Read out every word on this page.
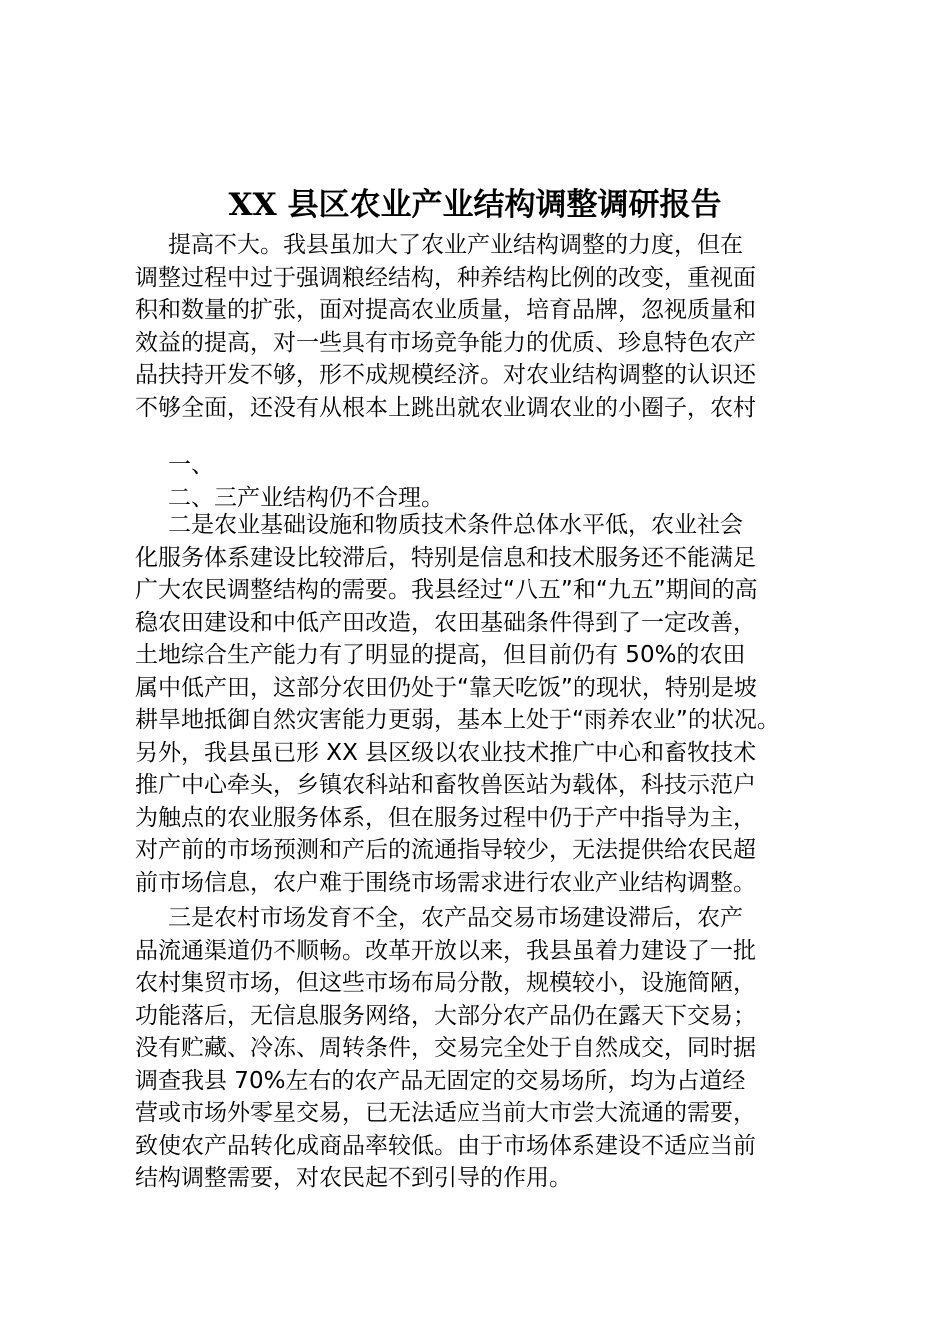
XX 县区农业产业结构调整调研报告
提高不大。我县虽加大了农业产业结构调整的力度，但在
调整过程中过于强调粮经结构，种养结构比例的改变，重视面
积和数量的扩张，面对提高农业质量，培育品牌，忽视质量和
效益的提高，对一些具有市场竞争能力的优质、珍息特色农产
品扶持开发不够，形不成规模经济。对农业结构调整的认识还
不够全面，还没有从根本上跳出就农业调农业的小圈子，农村
一、
二、三产业结构仍不合理。
二是农业基础设施和物质技术条件总体水平低，农业社会
化服务体系建设比较滞后，特别是信息和技术服务还不能满足
广大农民调整结构的需要。我县经过“八五”和“九五”期间的高
稳农田建设和中低产田改造，农田基础条件得到了一定改善，
土地综合生产能力有了明显的提高，但目前仍有 50%的农田
属中低产田，这部分农田仍处于“靠天吃饭”的现状，特别是坡
耕旱地抵御自然灾害能力更弱，基本上处于“雨养农业”的状况。
另外，我县虽已形 XX 县区级以农业技术推广中心和畜牧技术
推广中心牵头，乡镇农科站和畜牧兽医站为载体，科技示范户
为触点的农业服务体系，但在服务过程中仍于产中指导为主，
对产前的市场预测和产后的流通指导较少，无法提供给农民超
前市场信息，农户难于围绕市场需求进行农业产业结构调整。
三是农村市场发育不全，农产品交易市场建设滞后，农产
品流通渠道仍不顺畅。改革开放以来，我县虽着力建设了一批
农村集贸市场，但这些市场布局分散，规模较小，设施简陋，
功能落后，无信息服务网络，大部分农产品仍在露天下交易；
没有贮藏、冷冻、周转条件，交易完全处于自然成交，同时据
调查我县 70%左右的农产品无固定的交易场所，均为占道经
营或市场外零星交易，已无法适应当前大市尝大流通的需要，
致使农产品转化成商品率较低。由于市场体系建设不适应当前
结构调整需要，对农民起不到引导的作用。
